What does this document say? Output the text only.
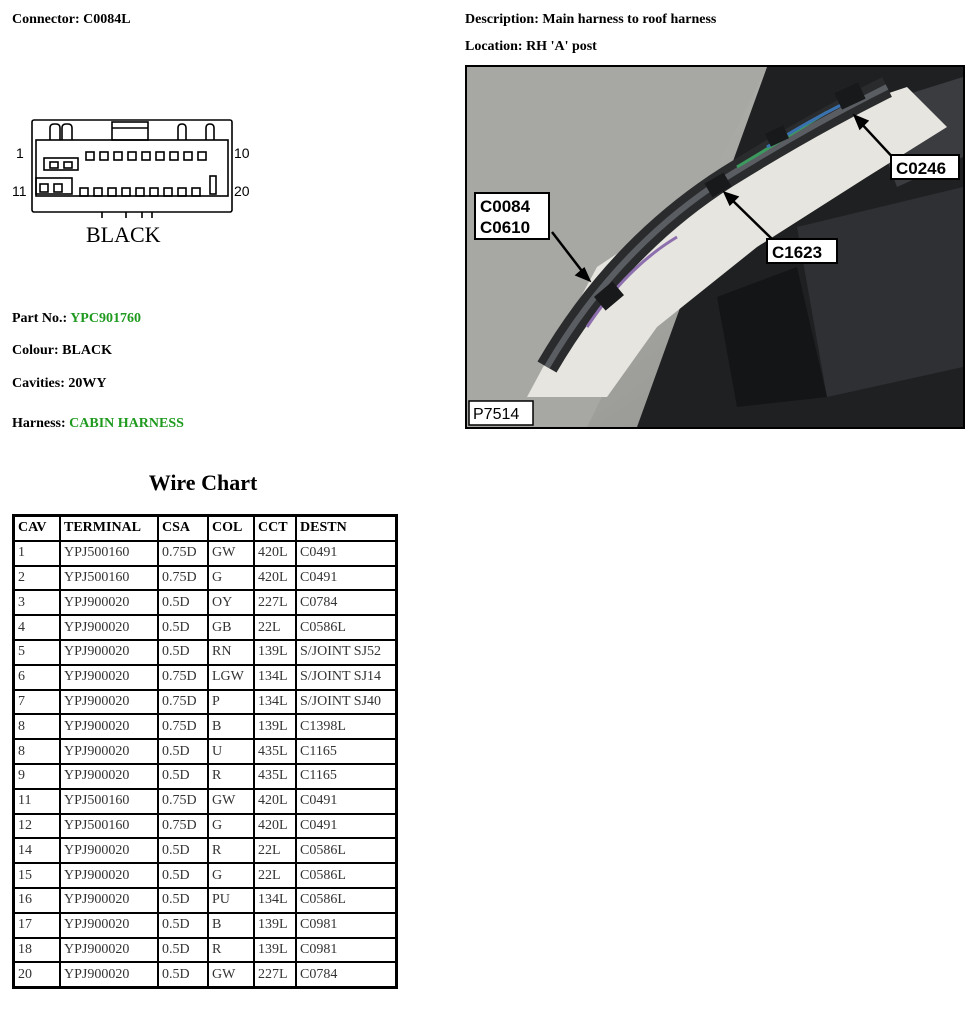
Connector: C0084L	Description: Main harness to roof harness
Location: RH 'A' post
1
11
10
20
BLACK
Part No.: YPC901760
Colour: BLACK
Cavities: 20WY
Harness: CABIN HARNESS
C0246
C1623
C0084
C0610
P7514
Wire Chart
CAV	TERMINAL	CSA	COL	CCT	DESTN
1	YPJ500160	0.75D	GW	420L	C0491
2	YPJ500160	0.75D	G	420L	C0491
3	YPJ900020	0.5D	OY	227L	C0784
4	YPJ900020	0.5D	GB	22L	C0586L
5	YPJ900020	0.5D	RN	139L	S/JOINT SJ52
6	YPJ900020	0.75D	LGW	134L	S/JOINT SJ14
7	YPJ900020	0.75D	P	134L	S/JOINT SJ40
8	YPJ900020	0.75D	B	139L	C1398L
8	YPJ900020	0.5D	U	435L	C1165
9	YPJ900020	0.5D	R	435L	C1165
11	YPJ500160	0.75D	GW	420L	C0491
12	YPJ500160	0.75D	G	420L	C0491
14	YPJ900020	0.5D	R	22L	C0586L
15	YPJ900020	0.5D	G	22L	C0586L
16	YPJ900020	0.5D	PU	134L	C0586L
17	YPJ900020	0.5D	B	139L	C0981
18	YPJ900020	0.5D	R	139L	C0981
20	YPJ900020	0.5D	GW	227L	C0784
